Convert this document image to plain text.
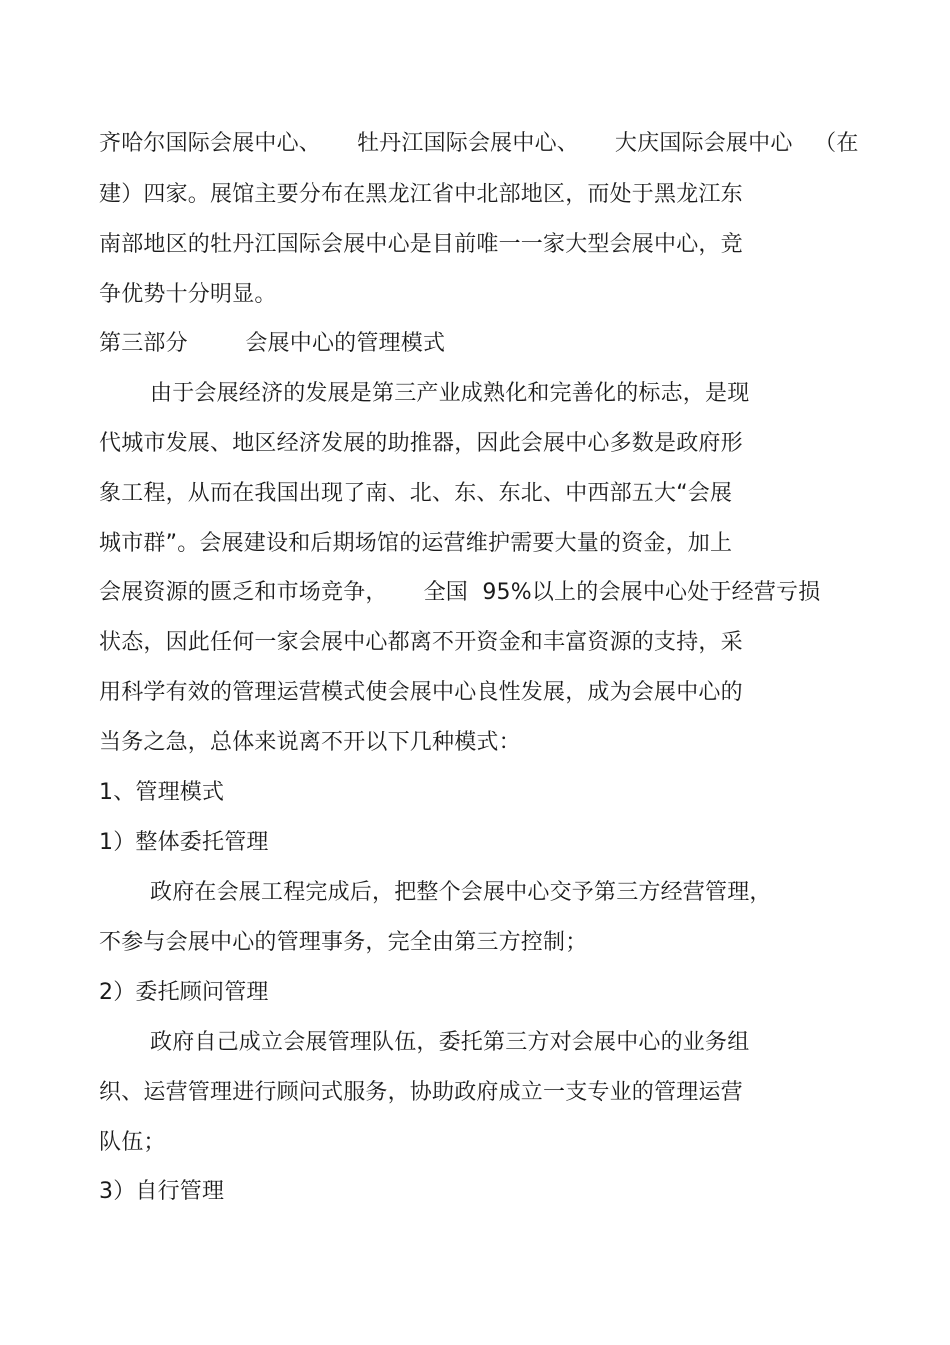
齐哈尔国际会展中心、     牡丹江国际会展中心、     大庆国际会展中心   （在
建）四家。展馆主要分布在黑龙江省中北部地区，而处于黑龙江东
南部地区的牡丹江国际会展中心是目前唯一一家大型会展中心，竞
争优势十分明显。
第三部分        会展中心的管理模式
由于会展经济的发展是第三产业成熟化和完善化的标志，是现
代城市发展、地区经济发展的助推器，因此会展中心多数是政府形
象工程，从而在我国出现了南、北、东、东北、中西部五大“会展
城市群”。会展建设和后期场馆的运营维护需要大量的资金，加上
会展资源的匮乏和市场竞争，     全国  95%以上的会展中心处于经营亏损
状态，因此任何一家会展中心都离不开资金和丰富资源的支持，采
用科学有效的管理运营模式使会展中心良性发展，成为会展中心的
当务之急，总体来说离不开以下几种模式：
1、管理模式
1）整体委托管理
政府在会展工程完成后，把整个会展中心交予第三方经营管理，
不参与会展中心的管理事务，完全由第三方控制；
2）委托顾问管理
政府自己成立会展管理队伍，委托第三方对会展中心的业务组
织、运营管理进行顾问式服务，协助政府成立一支专业的管理运营
队伍；
3）自行管理
